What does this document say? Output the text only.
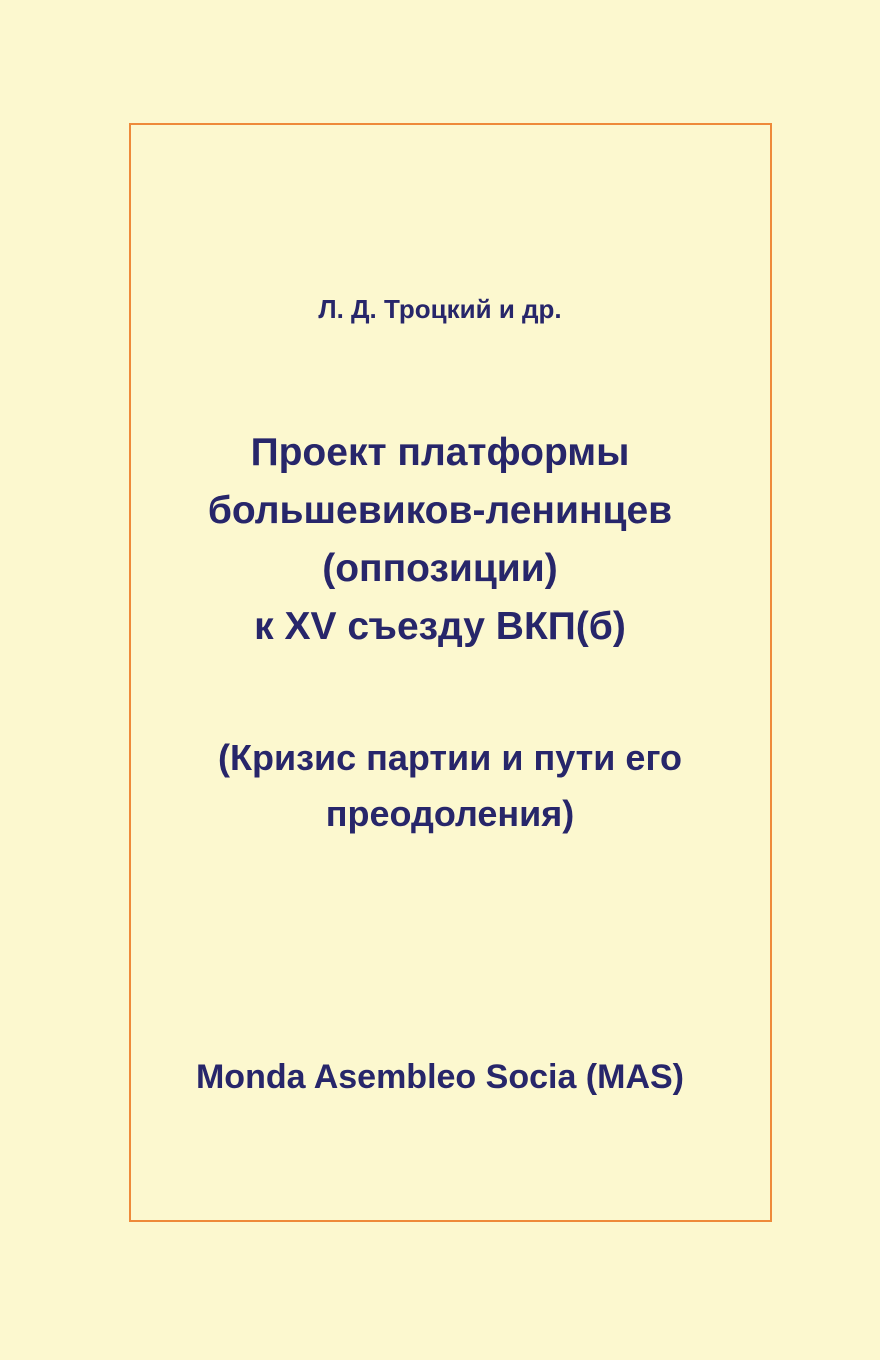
Л. Д. Троцкий и др.
Проект платформы
большевиков-ленинцев
(оппозиции)
к XV съезду ВКП(б)
(Кризис партии и пути его
преодоления)
Monda Asembleo Socia (MAS)
